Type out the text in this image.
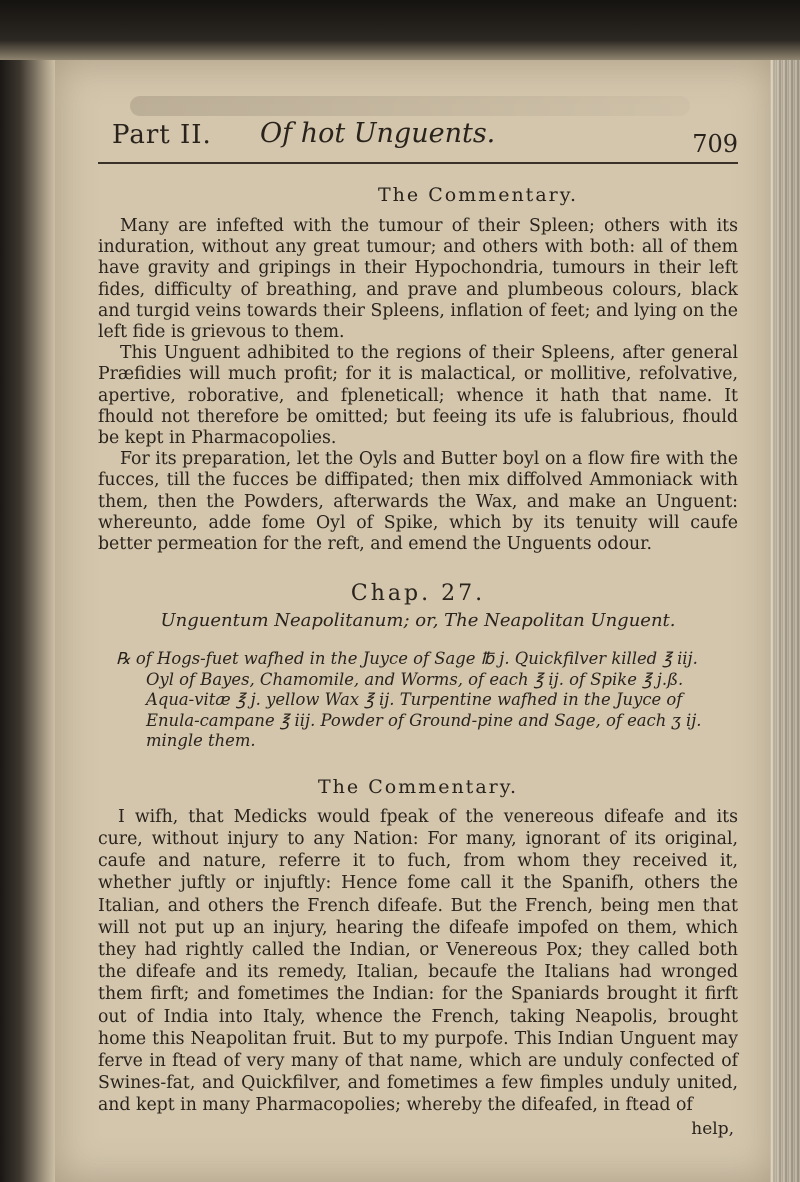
Part II. Of hot Unguents.	709
The Commentary.

Many are infefted with the tumour of their Spleen; others with its induration, without any great tumour; and others with both: all of them have gravity and gripings in their Hypochondria, tumours in their left fides, difficulty of breathing, and prave and plumbeous colours, black and turgid veins towards their Spleens, inflation of feet; and lying on the left fide is grievous to them.

This Unguent adhibited to the regions of their Spleens, after general Præfidies will much profit; for it is malactical, or mollitive, refolvative, apertive, roborative, and fpleneticall; whence it hath that name. It fhould not therefore be omitted; but feeing its ufe is falubrious, fhould be kept in Pharmacopolies.

For its preparation, let the Oyls and Butter boyl on a flow fire with the fucces, till the fucces be diffipated; then mix diffolved Ammoniack with them, then the Powders, afterwards the Wax, and make an Unguent: whereunto, adde fome Oyl of Spike, which by its tenuity will caufe better permeation for the reft, and emend the Unguents odour.

Chap. 27.
Unguentum Neapolitanum; or, The Neapolitan Unguent.

℞ of Hogs-fuet wafhed in the Juyce of Sage ℔ j. Quickfilver killed ℥ iij. Oyl of Bayes, Chamomile, and Worms, of each ℥ ij. of Spike ℥ j.ß. Aqua-vitæ ℥ j. yellow Wax ℥ ij. Turpentine wafhed in the Juyce of Enula-campane ℥ iij. Powder of Ground-pine and Sage, of each ʒ ij. mingle them.

The Commentary.

I wifh, that Medicks would fpeak of the venereous difeafe and its cure, without injury to any Nation: For many, ignorant of its original, caufe and nature, referre it to fuch, from whom they received it, whether juftly or injuftly: Hence fome call it the Spanifh, others the Italian, and others the French difeafe. But the French, being men that will not put up an injury, hearing the difeafe impofed on them, which they had rightly called the Indian, or Venereous Pox; they called both the difeafe and its remedy, Italian, becaufe the Italians had wronged them firft; and fometimes the Indian: for the Spaniards brought it firft out of India into Italy, whence the French, taking Neapolis, brought home this Neapolitan fruit. But to my purpofe. This Indian Unguent may ferve in ftead of very many of that name, which are unduly confected of Swines-fat, and Quickfilver, and fometimes a few fimples unduly united, and kept in many Pharmacopolies; whereby the difeafed, in ftead of

help,
